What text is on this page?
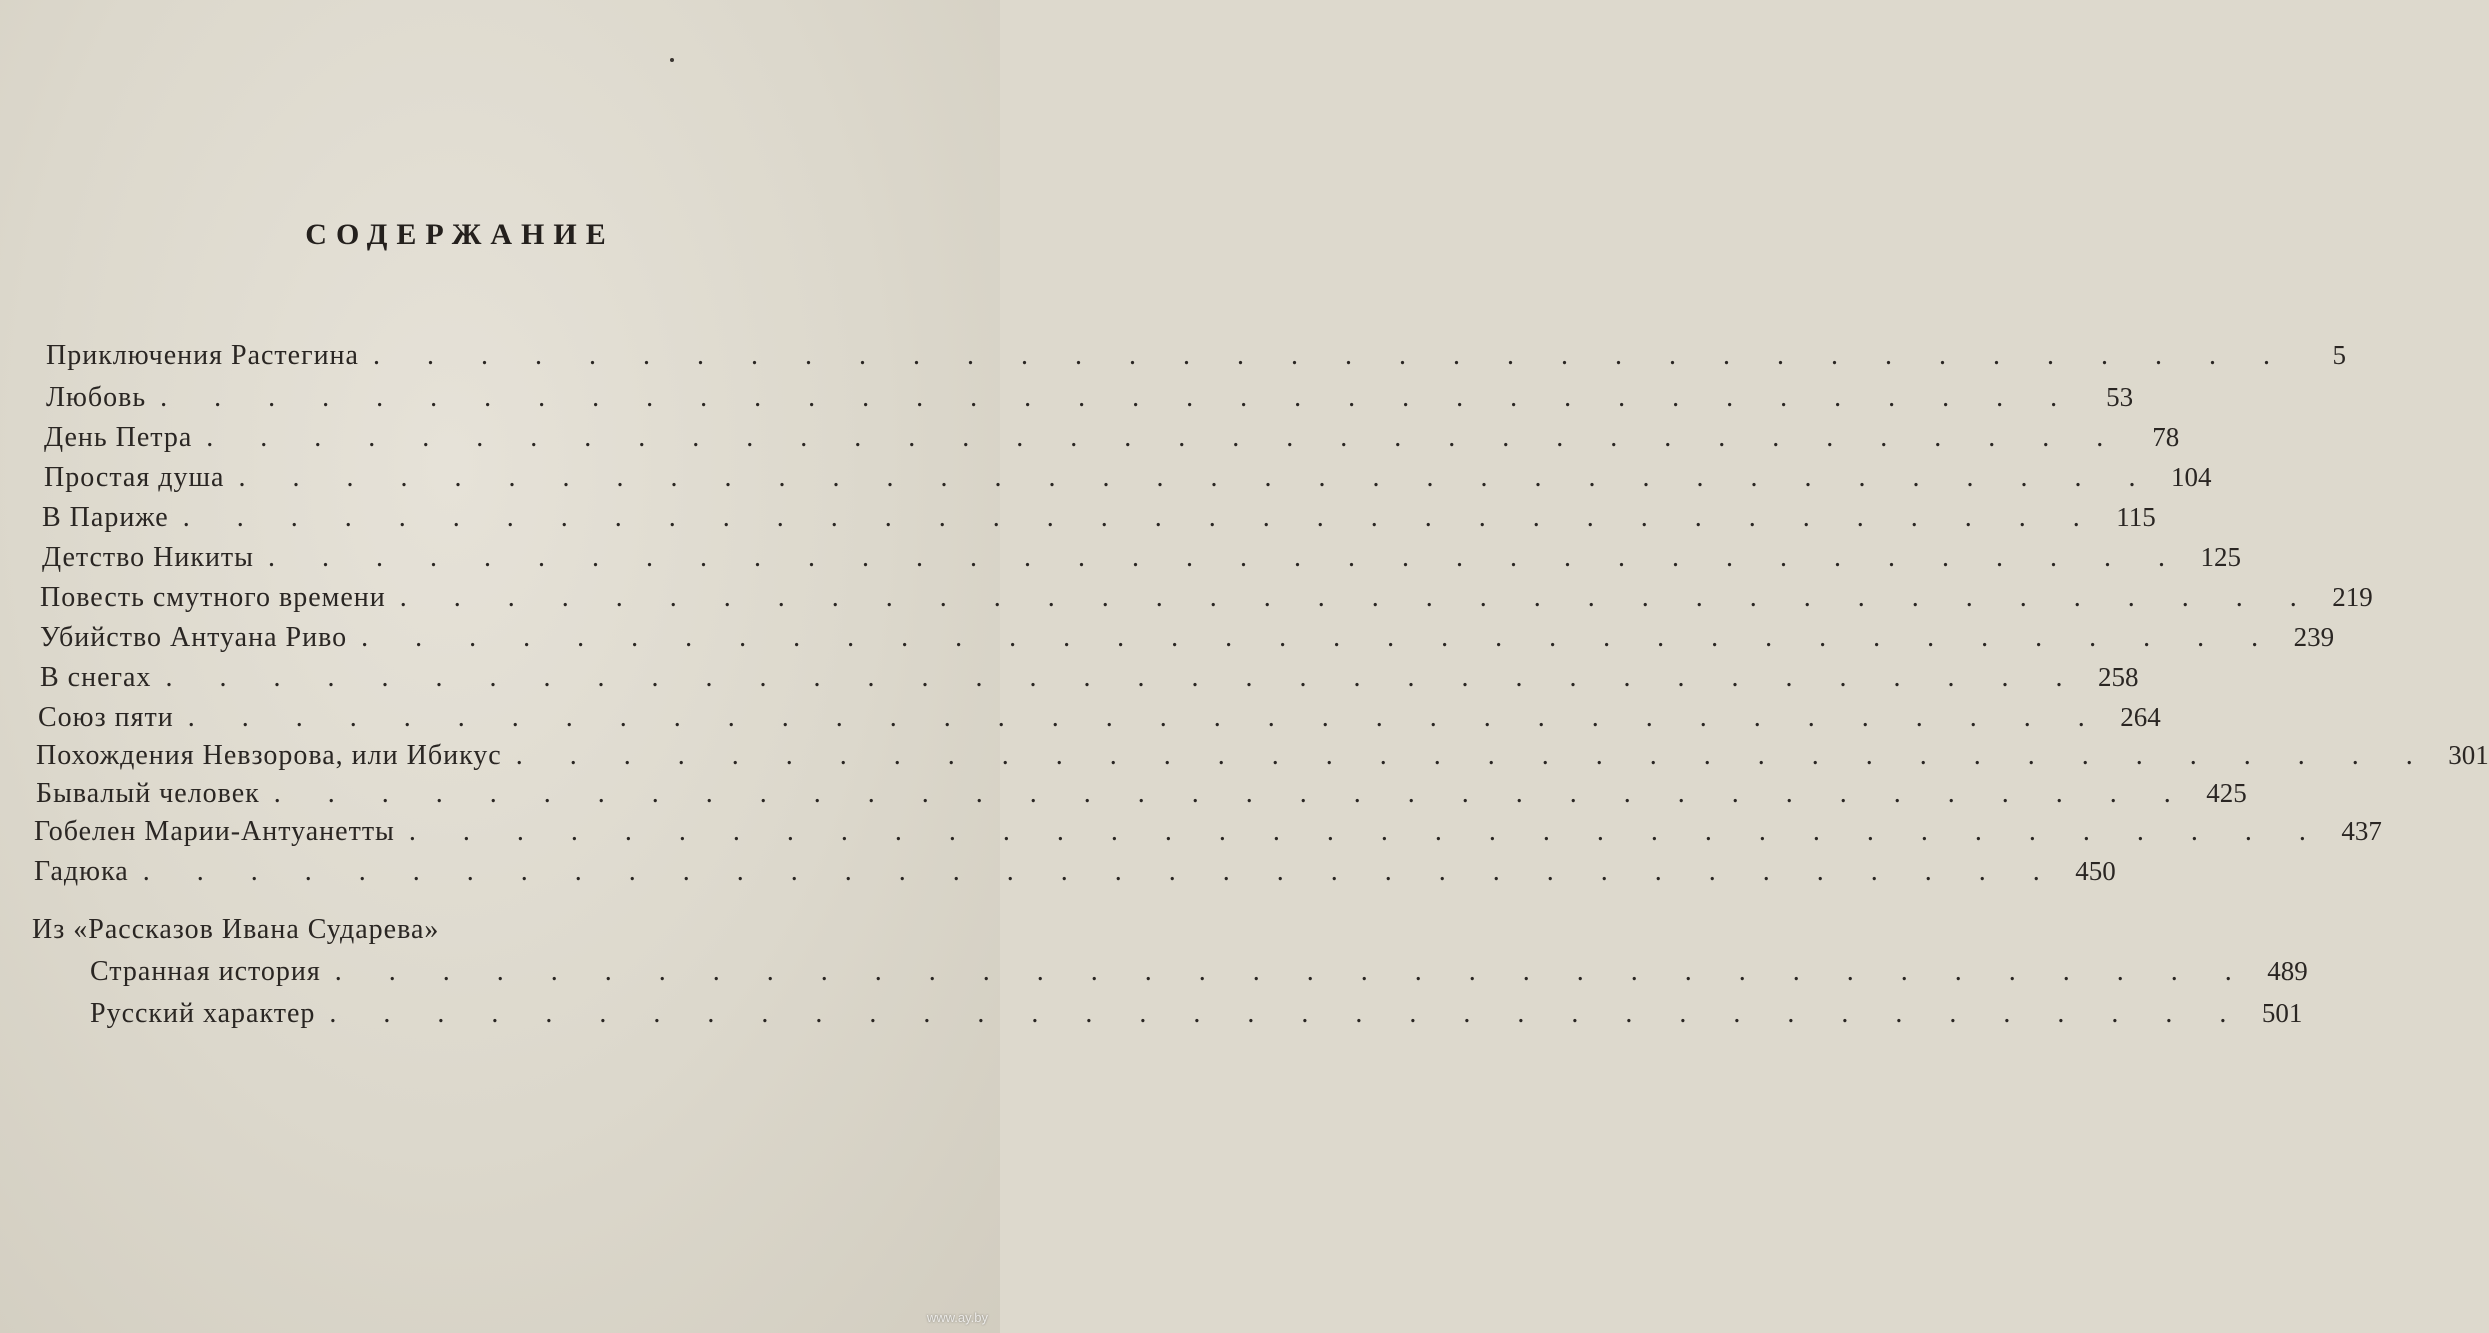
СОДЕРЖАНИЕ
Приключения Растегина . . . . . . . . . . . . . . . . . . . . . . . . . . . . . . . . . . . .	5
Любовь . . . . . . . . . . . . . . . . . . . . . . . . . . . . . . . . . . . .	53
День Петра . . . . . . . . . . . . . . . . . . . . . . . . . . . . . . . . . . . .	78
Простая душа . . . . . . . . . . . . . . . . . . . . . . . . . . . . . . . . . . . . 104
В Париже . . . . . . . . . . . . . . . . . . . . . . . . . . . . . . . . . . . . 115
Детство Никиты . . . . . . . . . . . . . . . . . . . . . . . . . . . . . . . . . . . . 125
Повесть смутного времени . . . . . . . . . . . . . . . . . . . . . . . . . . . . . . . . . . . . 219
Убийство Антуана Риво . . . . . . . . . . . . . . . . . . . . . . . . . . . . . . . . . . . . 239
В снегах . . . . . . . . . . . . . . . . . . . . . . . . . . . . . . . . . . . . 258
Союз пяти . . . . . . . . . . . . . . . . . . . . . . . . . . . . . . . . . . . . 264
Похождения Невзорова, или Ибикус . . . . . . . . . . . . . . . . . . . . . . . . . . . . . . . . . . . . 301
Бывалый человек . . . . . . . . . . . . . . . . . . . . . . . . . . . . . . . . . . . . 425
Гобелен Марии-Антуанетты . . . . . . . . . . . . . . . . . . . . . . . . . . . . . . . . . . . . 437
Гадюка . . . . . . . . . . . . . . . . . . . . . . . . . . . . . . . . . . . . 450
Из «Рассказов Ивана Сударева»
Странная история . . . . . . . . . . . . . . . . . . . . . . . . . . . . . . . . . . . . 489
Русский характер . . . . . . . . . . . . . . . . . . . . . . . . . . . . . . . . . . . . 501
www.ay.by
